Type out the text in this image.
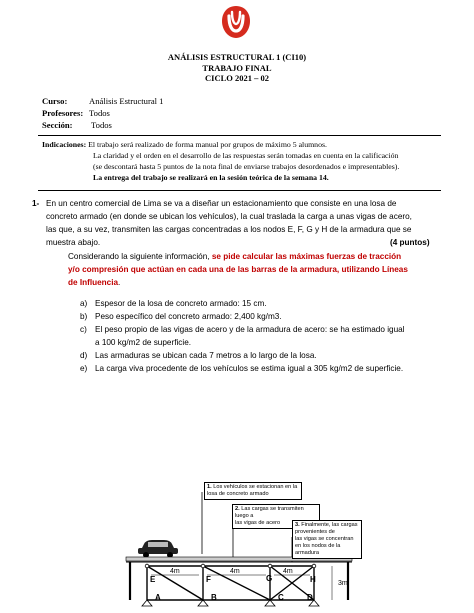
ANÁLISIS ESTRUCTURAL 1 (CI10)
TRABAJO FINAL
CICLO 2021 – 02
Curso:	Análisis Estructural 1
Profesores: Todos
Sección: Todos
Indicaciones: El trabajo será realizado de forma manual por grupos de máximo 5 alumnos.
La claridad y el orden en el desarrollo de las respuestas serán tomadas en cuenta en la calificación
(se descontará hasta 5 puntos de la nota final de enviarse trabajos desordenados e impresentables).
La entrega del trabajo se realizará en la sesión teórica de la semana 14.
1- En un centro comercial de Lima se va a diseñar un estacionamiento que consiste en una losa de
concreto armado (en donde se ubican los vehículos), la cual traslada la carga a unas vigas de acero,
las que, a su vez, transmiten las cargas concentradas a los nodos E, F, G y H de la armadura que se
muestra abajo.	(4 puntos)
Considerando la siguiente información, se pide calcular las máximas fuerzas de tracción
y/o compresión que actúan en cada una de las barras de la armadura, utilizando Líneas
de Influencia.
a) Espesor de la losa de concreto armado: 15 cm.
b) Peso específico del concreto armado: 2,400 kg/m3.
c) El peso propio de las vigas de acero y de la armadura de acero: se ha estimado igual
a 100 kg/m2 de superficie.
d) Las armaduras se ubican cada 7 metros a lo largo de la losa.
e) La carga viva procedente de los vehículos se estima igual a 305 kg/m2 de superficie.
1. Los vehículos se estacionan en la
losa de concreto armado
2. Las cargas se transmiten luego a
las vigas de acero	3. Finalmente, las cargas provenientes de
las vigas se concentran en los nodos de la
armadura
E	F	G	H
A	B	C	D
4m	4m	4m
3m
